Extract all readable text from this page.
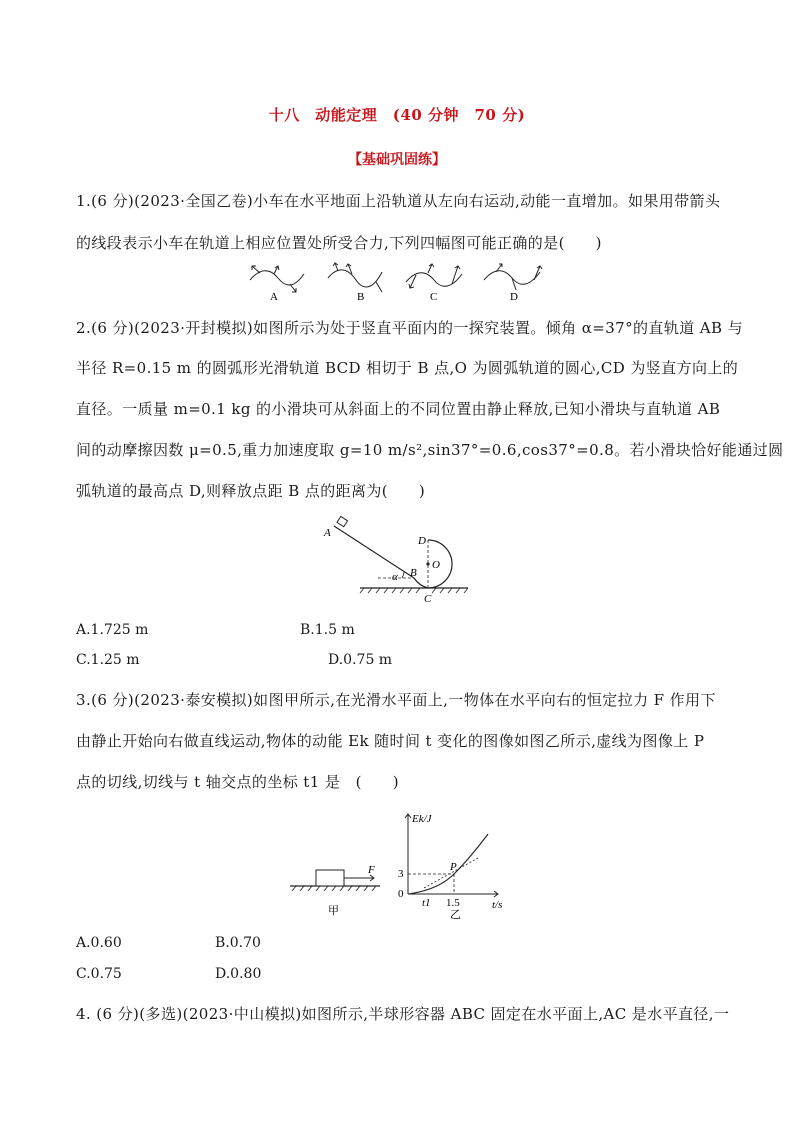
十八　动能定理　(40 分钟　70 分)
【基础巩固练】
1.(6 分)(2023·全国乙卷)小车在水平地面上沿轨道从左向右运动,动能一直增加。如果用带箭头
的线段表示小车在轨道上相应位置处所受合力,下列四幅图可能正确的是(　　)
A	B	C	D
2.(6 分)(2023·开封模拟)如图所示为处于竖直平面内的一探究装置。倾角 α=37°的直轨道 AB 与
半径 R=0.15 m 的圆弧形光滑轨道 BCD 相切于 B 点,O 为圆弧轨道的圆心,CD 为竖直方向上的
直径。一质量 m=0.1 kg 的小滑块可从斜面上的不同位置由静止释放,已知小滑块与直轨道 AB
间的动摩擦因数 μ=0.5,重力加速度取 g=10 m/s²,sin37°=0.6,cos37°=0.8。若小滑块恰好能通过圆
弧轨道的最高点 D,则释放点距 B 点的距离为(　　)
A
B
C
D
O
α
A.1.725 m	B.1.5 m
C.1.25 m	D.0.75 m
3.(6 分)(2023·泰安模拟)如图甲所示,在光滑水平面上,一物体在水平向右的恒定拉力 F 作用下
由静止开始向右做直线运动,物体的动能 Ek 随时间 t 变化的图像如图乙所示,虚线为图像上 P
点的切线,切线与 t 轴交点的坐标 t1 是　(　　)
F
甲
Ek/J
t/s
0
3
t1 1.5
P
乙
A.0.60	B.0.70
C.0.75	D.0.80
4. (6 分)(多选)(2023·中山模拟)如图所示,半球形容器 ABC 固定在水平面上,AC 是水平直径,一
